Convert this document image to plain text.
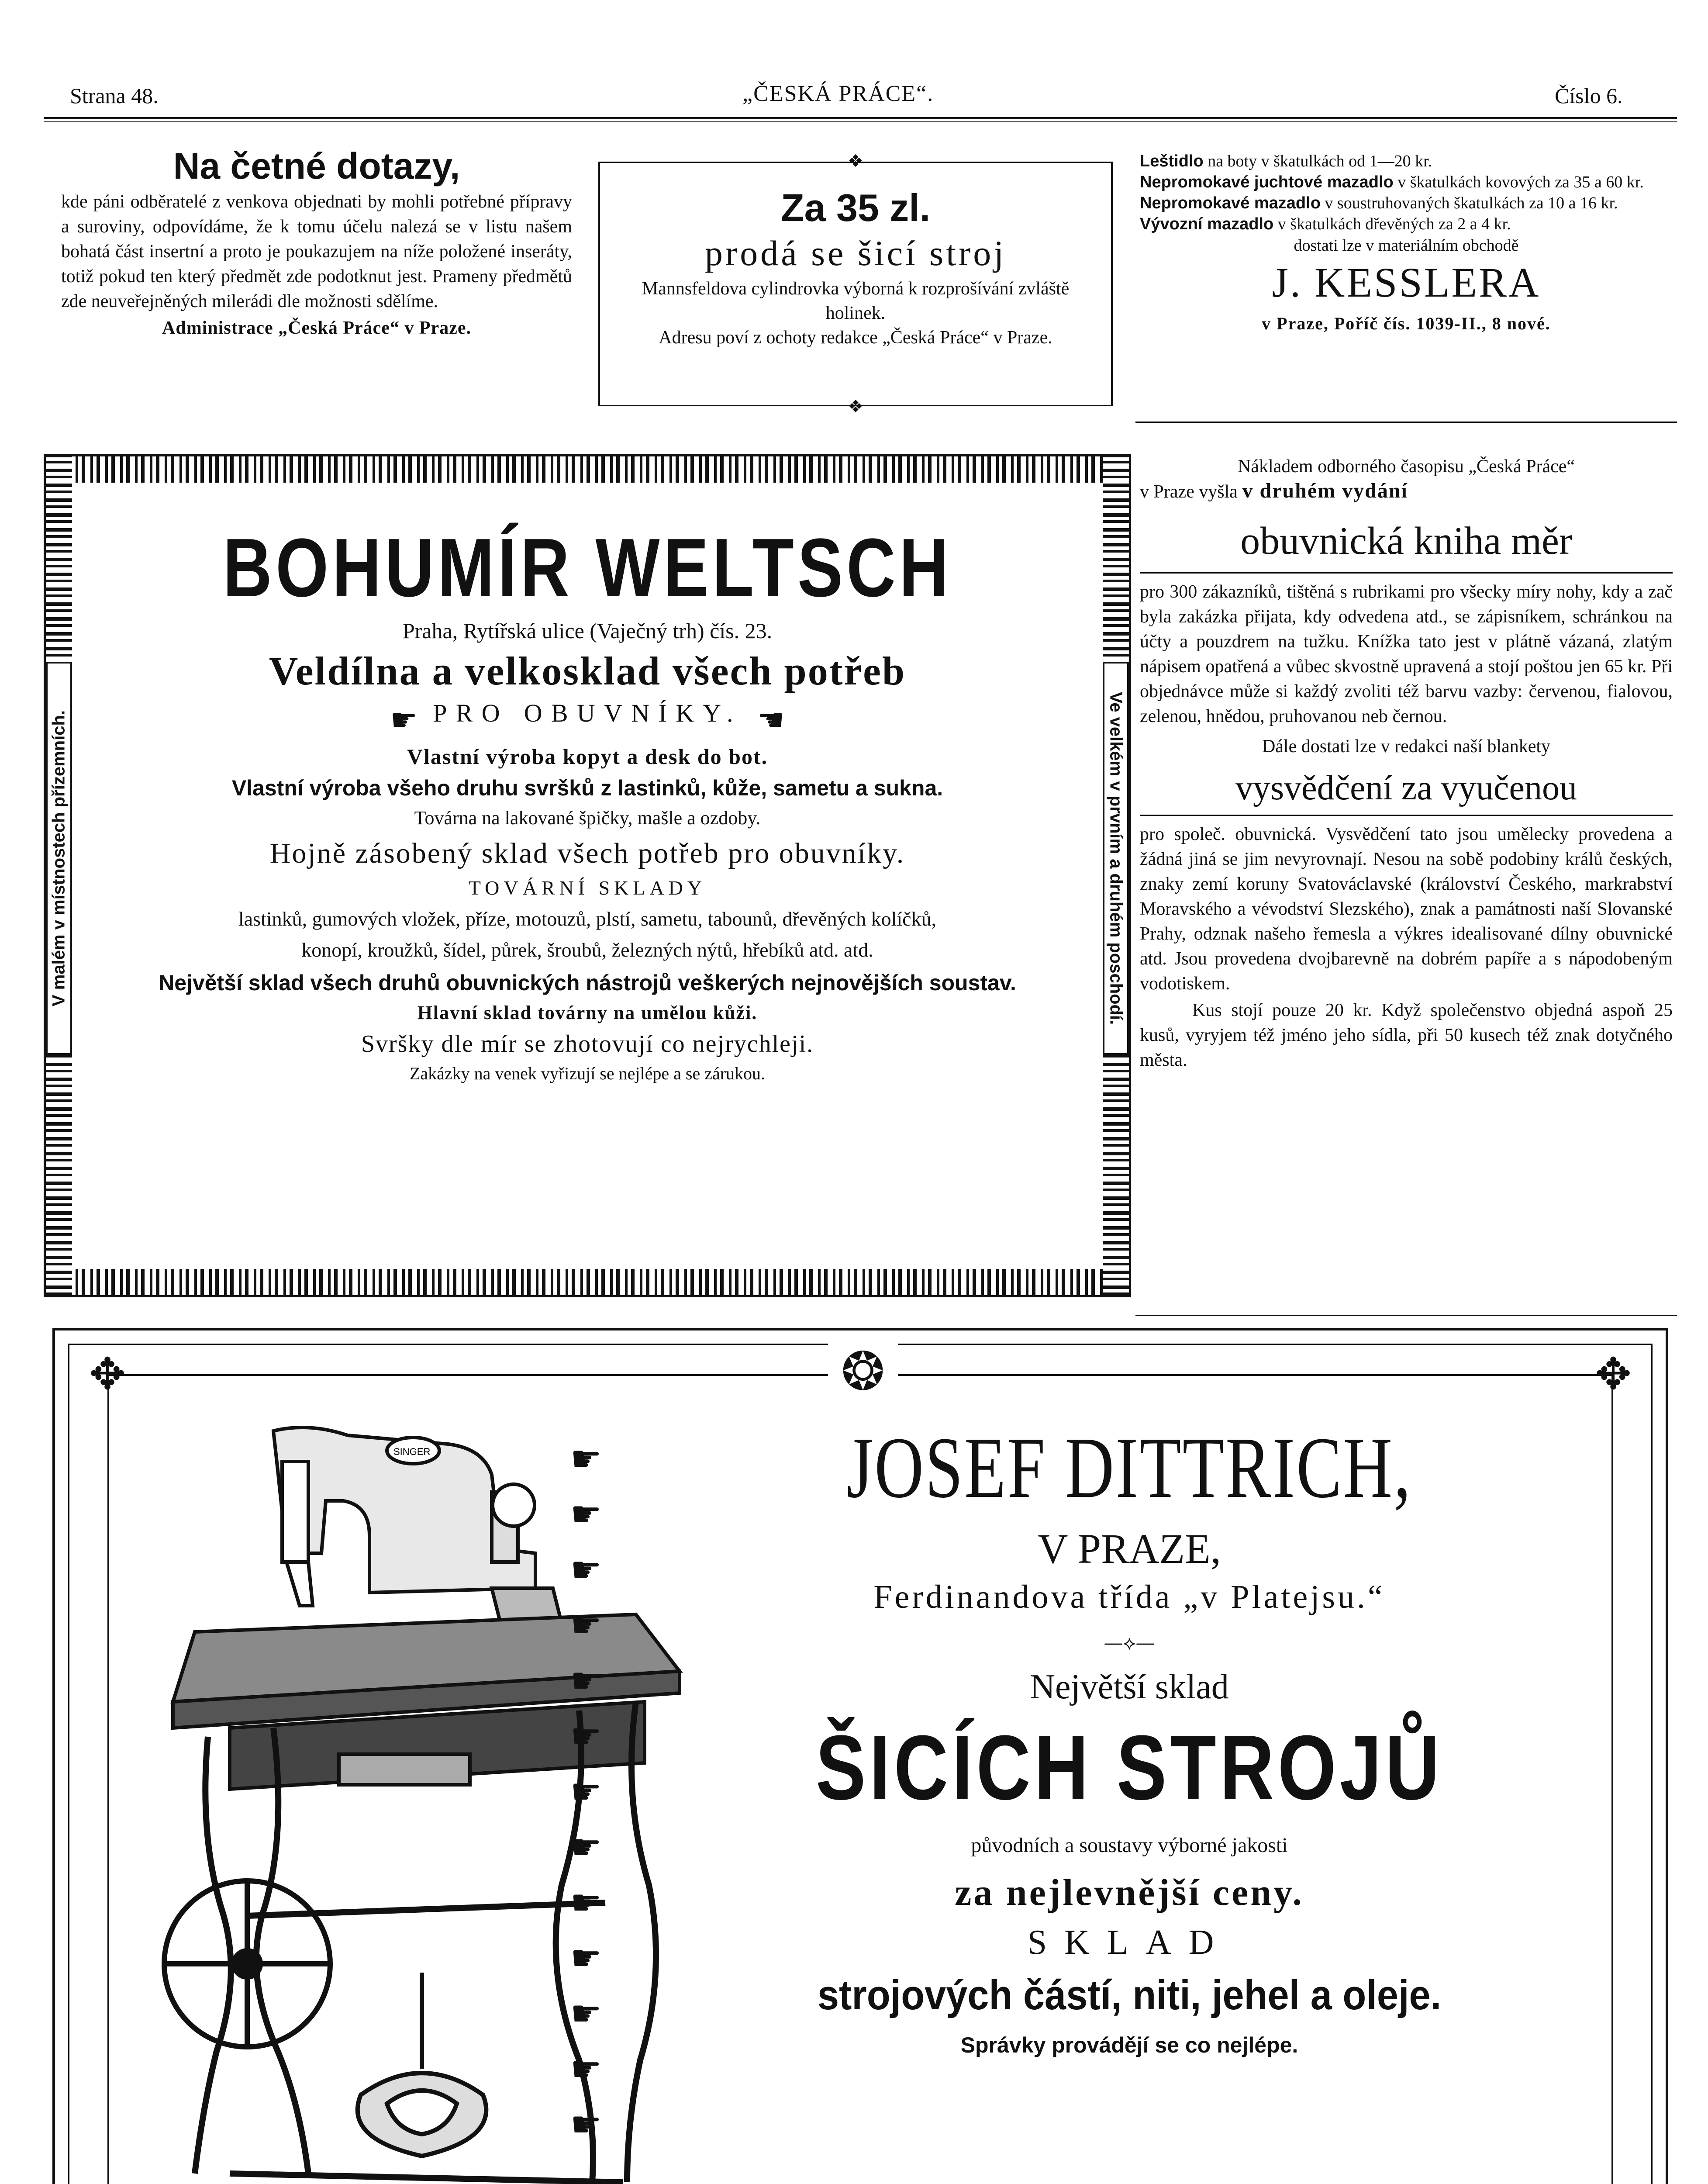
Strana 48.	„ČESKÁ PRÁCE“.	Číslo 6.
Na četné dotazy,

kde páni odběratelé z venkova objednati by mohli potřebné přípravy a suroviny, odpovídáme, že k tomu účelu nalezá se v listu našem bohatá část insertní a proto je poukazujem na níže položené inseráty, totiž pokud ten který předmět zde podotknut jest. Prameny předmětů zde neuveřejněných milerádi dle možnosti sdělíme.

Administrace „Česká Práce“ v Praze.
❖
❖
Za 35 zl.
prodá se šicí stroj

Mannsfeldova cylindrovka výborná k rozprošívání zvláště holinek.

Adresu poví z ochoty redakce „Česká Práce“ v Praze.

Leštidlo na boty v škatulkách od 1—20 kr.

Nepromokavé juchtové mazadlo v škatulkách kovových za 35 a 60 kr.

Nepromokavé mazadlo v soustruhovaných škatulkách za 10 a 16 kr.

Vývozní mazadlo v škatulkách dřevěných za 2 a 4 kr.

dostati lze v materiálním obchodě
J. KESSLERA
v Praze, Poříč čís. 1039-II., 8 nové.
V malém v místnostech přízemních.	Ve velkém v prvním a druhém poschodí.
BOHUMÍR WELTSCH
Praha, Rytířská ulice (Vaječný trh) čís. 23.
Veldílna a velkosklad všech potřeb
☛ PRO OBUVNÍKY. ☚
Vlastní výroba kopyt a desk do bot.
Vlastní výroba všeho druhu svršků z lastinků, kůže, sametu a sukna.
Továrna na lakované špičky, mašle a ozdoby.
Hojně zásobený sklad všech potřeb pro obuvníky.
TOVÁRNÍ SKLADY
lastinků, gumových vložek, příze, motouzů, plstí, sametu, tabounů, dřevěných kolíčků,
konopí, kroužků, šídel, půrek, šroubů, železných nýtů, hřebíků atd. atd.
Největší sklad všech druhů obuvnických nástrojů veškerých nejnovějších soustav.
Hlavní sklad továrny na umělou kůži.
Svršky dle mír se zhotovují co nejrychleji.
Zakázky na venek vyřizují se nejlépe a se zárukou.
Nákladem odborného časopisu „Česká Práce“
v Praze vyšla v druhém vydání
obuvnická kniha měr

pro 300 zákazníků, tištěná s rubrikami pro všecky míry nohy, kdy a zač byla zakázka přijata, kdy odvedena atd., se zápisníkem, schránkou na účty a pouzdrem na tužku. Knížka tato jest v plátně vázaná, zlatým nápisem opatřená a vůbec skvostně upravená a stojí poštou jen 65 kr. Při objednávce může si každý zvoliti též barvu vazby: červenou, fialovou, zelenou, hnědou, pruhovanou neb černou.

Dále dostati lze v redakci naší blankety
vysvědčení za vyučenou

pro společ. obuvnická. Vysvědčení tato jsou umělecky provedena a žádná jiná se jim nevyrovnají. Nesou na sobě podobiny králů českých, znaky zemí koruny Svatováclavské (království Českého, markrabství Moravského a vévodství Slezského), znak a památnosti naší Slovanské Prahy, odznak našeho řemesla a výkres idealisované dílny obuvnické atd. Jsou provedena dvojbarevně na dobrém papíře a s nápodobeným vodotiskem.

Kus stojí pouze 20 kr. Když společenstvo objedná aspoň 25 kusů, vyryjem též jméno jeho sídla, při 50 kusech též znak dotyčného města.

✥	✥
❂
SINGER	☛
☛
☛
☛
☛
☛
☛
☛
☛
☛
☛
☛
☛
JOSEF DITTRICH,
V PRAZE,
Ferdinandova třída „v Platejsu.“
—⟡—
Největší sklad
ŠICÍCH STROJŮ
původních a soustavy výborné jakosti
za nejlevnější ceny.
SKLAD
strojových částí, niti, jehel a oleje.
Správky provádějí se co nejlépe.
